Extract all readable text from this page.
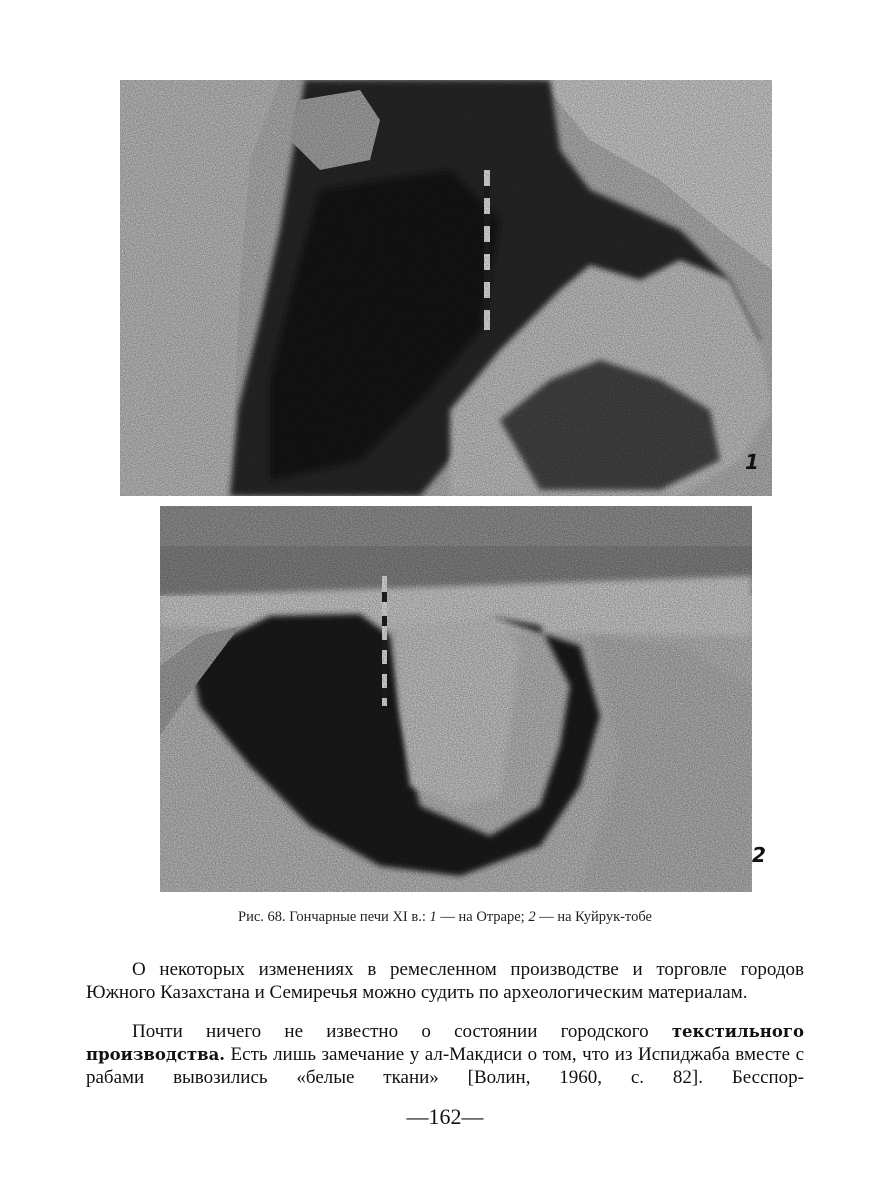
1
2
Рис. 68. Гончарные печи XI в.: 1 — на Отраре; 2 — на Куйрук-тобе

О некоторых изменениях в ремесленном производстве и торговле городов Южного Казахстана и Семиречья можно судить по археологическим материалам.

Почти ничего не известно о состоянии городского текстильного производства. Есть лишь замечание у ал-Макдиси о том, что из Испиджаба вместе с рабами вывозились «белые ткани» [Волин, 1960, с. 82]. Бесспор-

—162—
